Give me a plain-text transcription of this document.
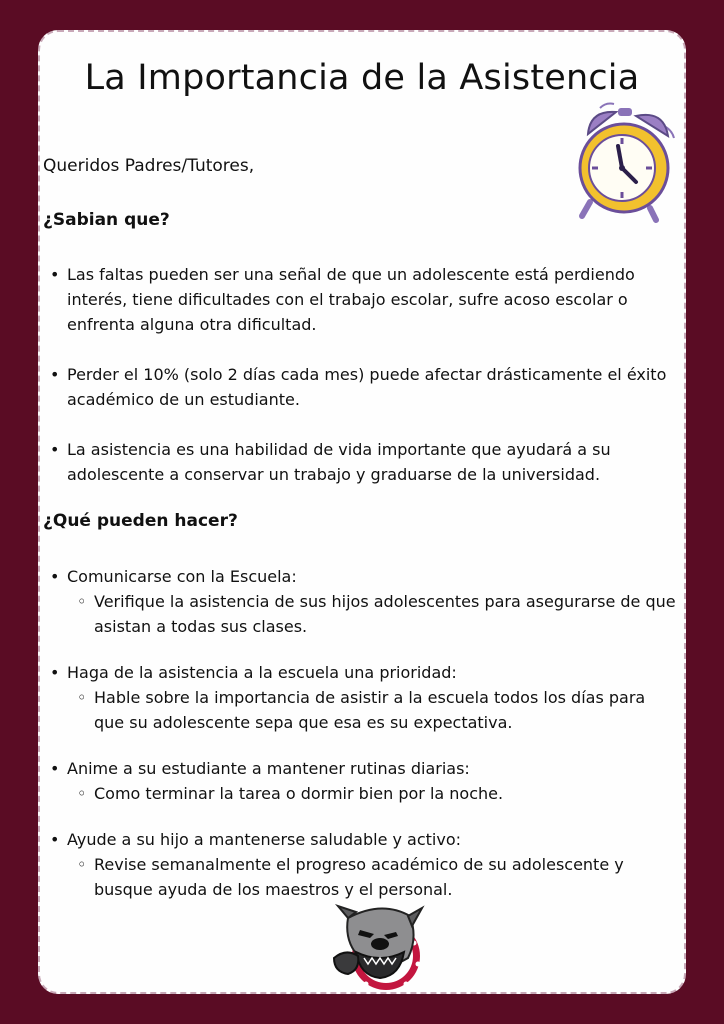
La Importancia de la Asistencia

Queridos Padres/Tutores,

¿Sabian que?
• Las faltas pueden ser una señal de que un adolescente está perdiendo interés, tiene dificultades con el trabajo escolar, sufre acoso escolar o enfrenta alguna otra dificultad.
• Perder el 10% (solo 2 días cada mes) puede afectar drásticamente el éxito académico de un estudiante.
• La asistencia es una habilidad de vida importante que ayudará a su adolescente a conservar un trabajo y graduarse de la universidad.
¿Qué pueden hacer?
• Comunicarse con la Escuela:
◦ Verifique la asistencia de sus hijos adolescentes para asegurarse de que asistan a todas sus clases.
• Haga de la asistencia a la escuela una prioridad:
◦ Hable sobre la importancia de asistir a la escuela todos los días para que su adolescente sepa que esa es su expectativa.
• Anime a su estudiante a mantener rutinas diarias:
◦ Como terminar la tarea o dormir bien por la noche.
• Ayude a su hijo a mantenerse saludable y activo:
◦ Revise semanalmente el progreso académico de su adolescente y busque ayuda de los maestros y el personal.
